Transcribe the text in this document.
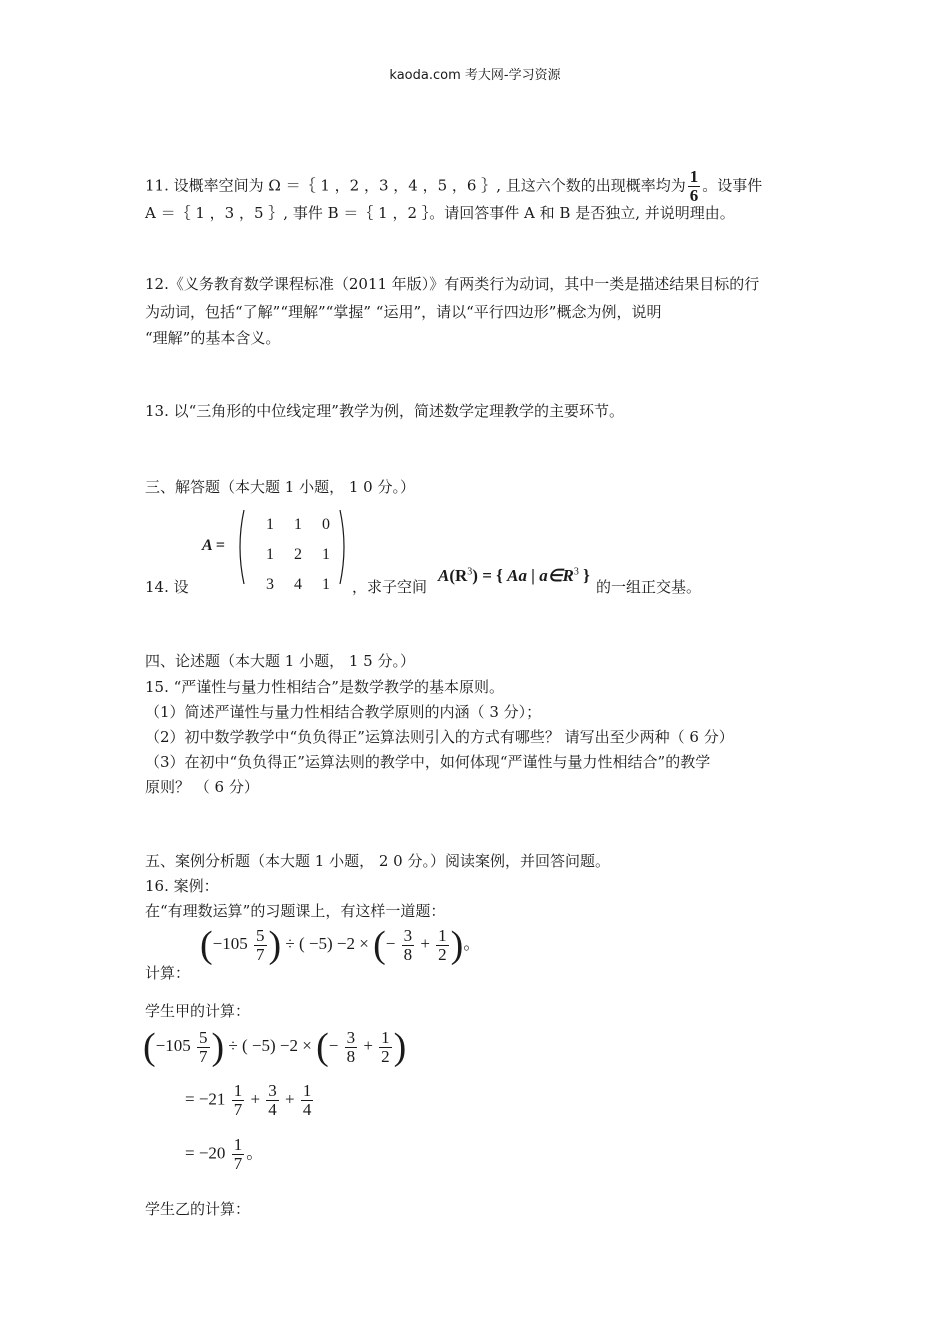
kaoda.com 考大网-学习资源
11. 设概率空间为 Ω ＝｛ 1 ，2 ，3 ，4 ，5 ，6 ｝, 且这六个数的出现概率均为 $\frac{1}{6}$ 。设事件
A ＝｛ 1 ，3 ，5 ｝, 事件 B ＝｛ 1 ，2 ｝。请回答事件 A 和 B 是否独立, 并说明理由。
12.《义务教育数学课程标准（2011 年版）》有两类行为动词，其中一类是描述结果目标的行
为动词，包括“了解”“理解”“掌握” “运用”，请以“平行四边形”概念为例，说明
“理解”的基本含义。
13. 以“三角形的中位线定理”教学为例，简述数学定理教学的主要环节。
三、解答题（本大题 1 小题， 1 0 分。）
14. 设
A =
1	1	0
1	2	1
3	4	1	，求子空间
$A(R^3)$ = { Aa | $a\in R^3$ }
的一组正交基。
四、论述题（本大题 1 小题， 1 5 分。）
15. “严谨性与量力性相结合”是数学教学的基本原则。
（1）简述严谨性与量力性相结合教学原则的内涵（ 3 分）；
（2）初中数学教学中“负负得正”运算法则引入的方式有哪些？ 请写出至少两种（ 6 分）
（3）在初中“负负得正”运算法则的教学中，如何体现“严谨性与量力性相结合”的教学
原则？ （ 6 分）
五、案例分析题（本大题 1 小题， 2 0 分。）阅读案例，并回答问题。
16. 案例：
在“有理数运算”的习题课上，有这样一道题：
计算：
($-105 \frac{5}{7}$ ) ÷ ( −5) −2 × (− $\frac{3}{8} + \frac{1}{2}$ )。
学生甲的计算：
($-105 \frac{5}{7}$ ) ÷ ( −5) −2 × (− $\frac{3}{8} + \frac{1}{2}$ )
= $-21 \frac{1}{7} + \frac{3}{4} + \frac{1}{4}$
= $-20 \frac{1}{7}$ 。
学生乙的计算：
